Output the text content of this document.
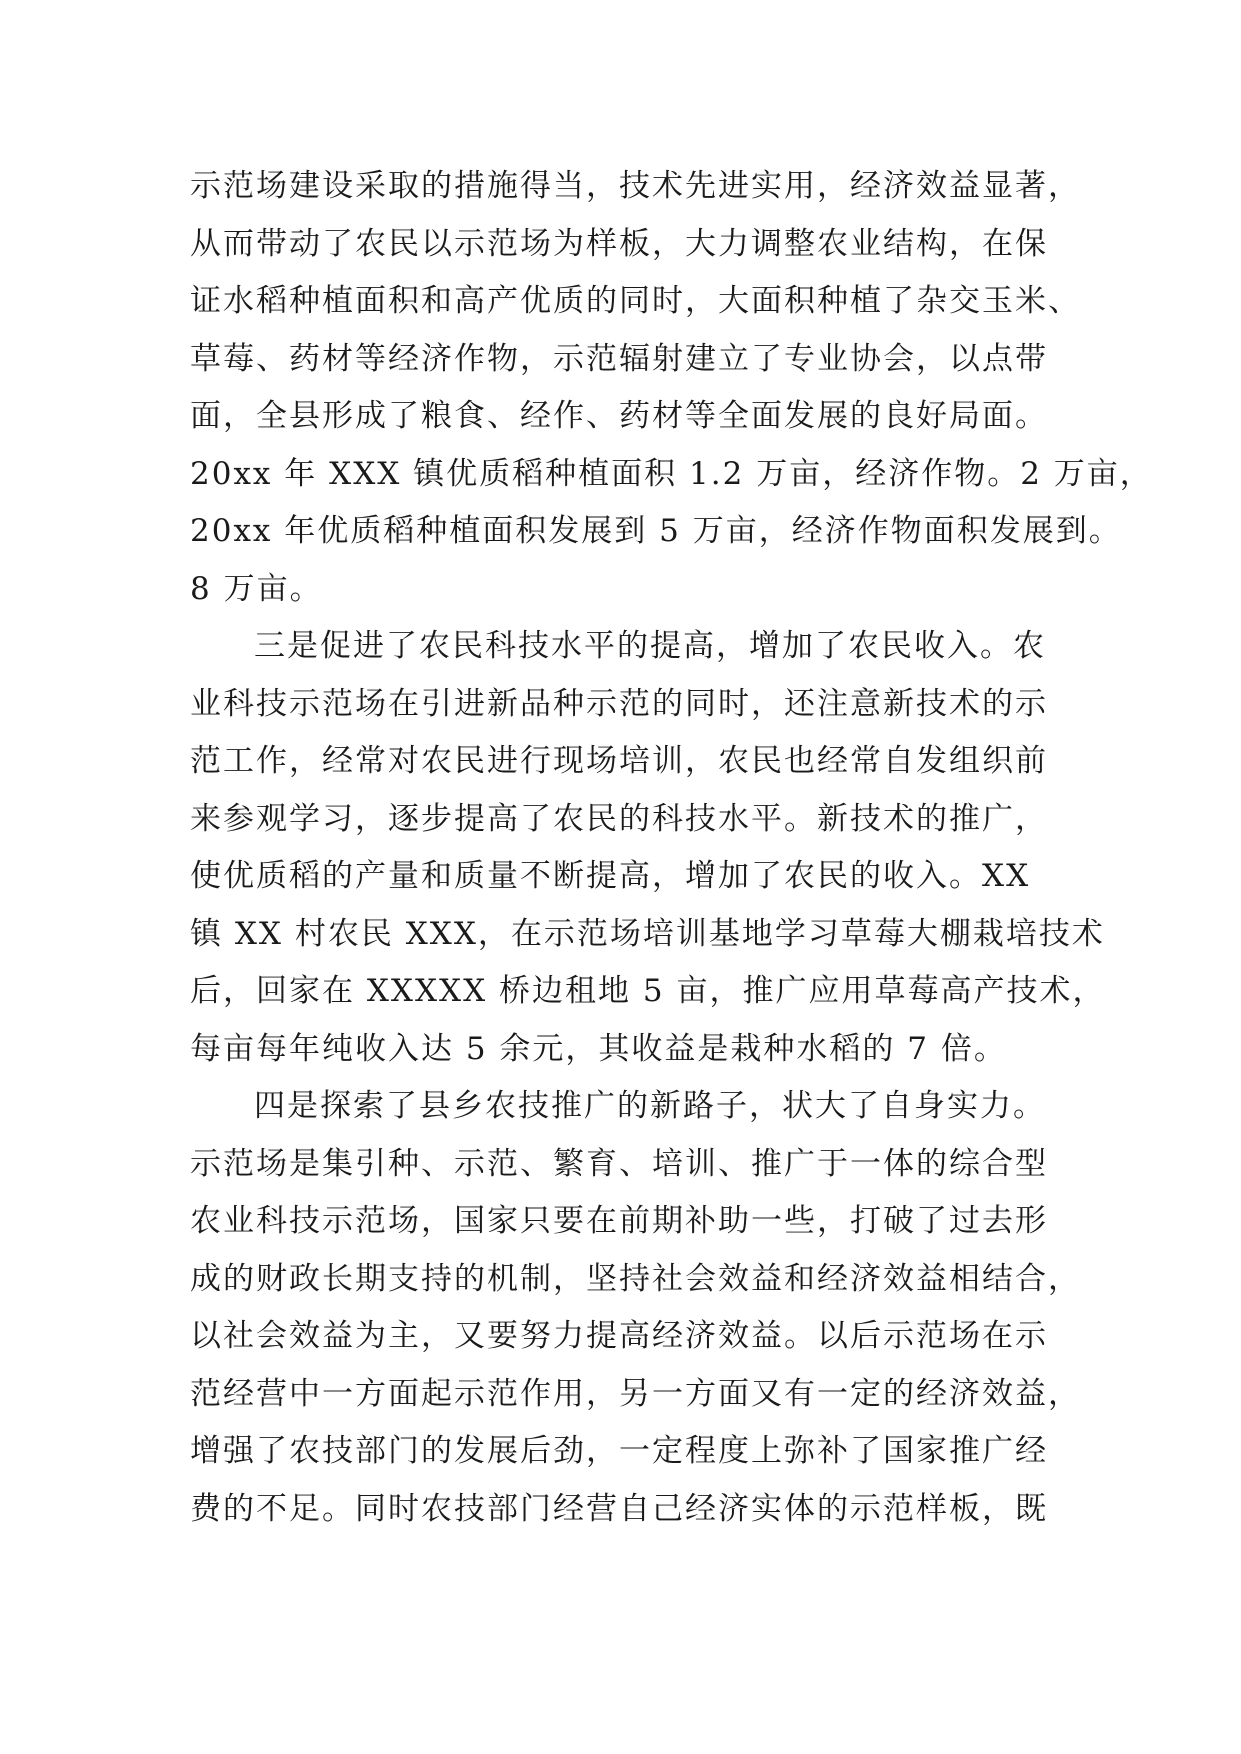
示范场建设采取的措施得当，技术先进实用，经济效益显著，
从而带动了农民以示范场为样板，大力调整农业结构，在保
证水稻种植面积和高产优质的同时，大面积种植了杂交玉米、
草莓、药材等经济作物，示范辐射建立了专业协会，以点带
面，全县形成了粮食、经作、药材等全面发展的良好局面。
20xx 年 XXX 镇优质稻种植面积 1.2 万亩，经济作物。2 万亩，
20xx 年优质稻种植面积发展到 5 万亩，经济作物面积发展到。
8 万亩。
三是促进了农民科技水平的提高，增加了农民收入。农
业科技示范场在引进新品种示范的同时，还注意新技术的示
范工作，经常对农民进行现场培训，农民也经常自发组织前
来参观学习，逐步提高了农民的科技水平。新技术的推广，
使优质稻的产量和质量不断提高，增加了农民的收入。XX
镇 XX 村农民 XXX，在示范场培训基地学习草莓大棚栽培技术
后，回家在 XXXXX 桥边租地 5 亩，推广应用草莓高产技术，
每亩每年纯收入达 5 余元，其收益是栽种水稻的 7 倍。
四是探索了县乡农技推广的新路子，状大了自身实力。
示范场是集引种、示范、繁育、培训、推广于一体的综合型
农业科技示范场，国家只要在前期补助一些，打破了过去形
成的财政长期支持的机制，坚持社会效益和经济效益相结合，
以社会效益为主，又要努力提高经济效益。以后示范场在示
范经营中一方面起示范作用，另一方面又有一定的经济效益，
增强了农技部门的发展后劲，一定程度上弥补了国家推广经
费的不足。同时农技部门经营自己经济实体的示范样板，既
